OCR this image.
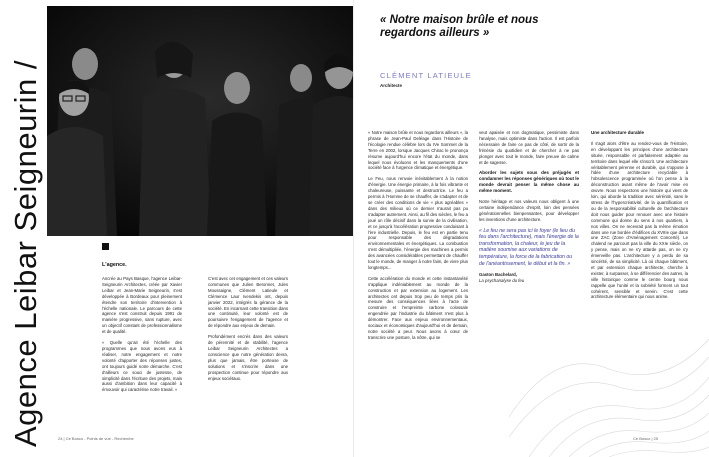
Agence Leibar Seigneurin /	L'agence.

Ancrée au Pays Basque, l'agence Leibar-Seigneurin Architectes, créée par Xavier Leibar et Jean-Marie Seigneurin, s'est développée à Bordeaux pour pleinement étendre son territoire d'intervention à l'échelle nationale. Le parcours de cette agence s'est construit depuis 1991 de manière progressive, sans rupture, avec un objectif constant de professionnalisme et de qualité.

« Quelle qu'ait été l'échelle des programmes que nous avons eus à réaliser, notre engagement et notre volonté d'apporter des réponses justes, ont toujours guidé notre démarche. C'est d'ailleurs ce souci de justesse, de simplicité dans l'écriture des projets, mais aussi d'ambition dans leur capacité à émouvoir qui caractérise notre travail. »

C'est avec cet engagement et ces valeurs communes que Julien Beronnet, Jules Moussaigne, Clément Latieule et Clémence Laur Ivendekis ont, depuis janvier 2022, intégrés la gérance de la société. En incarnant cette transition dans une continuité, leur volonté est de poursuivre l'engagement de l'agence et de répondre aux enjeux de demain.

Profondément encrés dans des valeurs de pérennité et de stabilité, l'agence Leibar Seigneurin Architectes a conscience que notre génération devra, plus que jamais, être porteuse de solutions et s'inscrire dans une prospection continue pour répondre aux enjeux sociétaux.

24 | Ce Bosco - Points de vue - Recherche
« Notre maison brûle et nous regardons ailleurs »
CLÉMENT LATIEULE
Architecte

« Notre maison brûle et nous regardons ailleurs », la phrase de Jean-Paul Deléage dans l'Histoire de l'écologie rendue célèbre lors du IVe Sommet de la Terre en 2002, lorsque Jacques Chirac le prononça résume aujourd'hui encore l'état du monde, dans lequel nous évoluons et les manquements d'une société face à l'urgence climatique et énergétique.

Le Feu, nous renvoie inévitablement à la notion d'énergie. Une énergie primaire, à la fois vibrante et chaleureuse, puissante et destructrice. Le feu a permis à l'Homme de se chauffer, de s'adapter et de se créer des conditions de vie « plus agréables » dans des milieux où ce dernier n'aurait pas pu s'adapter autrement. Ainsi, au fil des siècles, le feu a joué un rôle décisif dans la survie de la civilisation, et ce jusqu'à l'accélération progressive conduisant à l'ère industrielle. Depuis, le feu est en partie tenu pour responsable des dégradations environnementales et énergétiques. La combustion s'est démultipliée, l'énergie des machines a permis des avancées considérables permettant de chauffer tout le monde, de manger à notre faim, de vivre plus longtemps...

Cette accélération du monde et cette instantanéité s'applique indéniablement au monde de la construction et par extension au logement. Les architectes ont depuis trop peu de temps pris la mesure des conséquences liées à l'acte de construire et l'empreinte carbone colossale engendrée par l'industrie du bâtiment n'est plus à démontrer. Face aux enjeux environnementaux, sociaux et économiques d'aujourd'hui et de demain, notre société a peur. Nous avons à cœur de transcrire une posture, la nôtre, qui se

veut apaisée et non dogmatique, pessimiste dans l'analyse, mais optimiste dans l'action. Il est parfois nécessaire de faire ce pas de côté, de sortir de la frénésie du quotidien et de chercher à ne pas plonger avec tout le monde, faire preuve de calme et de sagesse.

Aborder les sujets sous des préjugés et condamner les réponses génériques où tout le monde devrait penser la même chose au même moment.

Notre héritage et nos valeurs nous obligent à une certaine indépendance d'esprit, loin des pensées générationnelles bienpensantes, pour développer les inventions d'une architecture.

« Le feu ne sera pas ici le foyer (le lieu du feu dans l'architecture), mais l'énergie de la transformation, la chaleur, le jeu de la matière soumise aux variations de température, la force de la fabrication ou de l'anéantissement, le début et la fin. »

Gaston Bachelard,
La psychanalyse du feu

Une architecture durable

Il s'agit alors d'être au rendez-vous de l'Histoire, en développant les principes d'une architecture située, responsable et parfaitement adaptée au territoire dans lequel elle s'inscrit. Une architecture véritablement pérenne et durable, qui s'oppose à l'idée d'une architecture recyclable à l'obsolescence programmée où l'on pense à la déconstruction avant même de l'avoir mise en œuvre. Nous respectons une histoire qui vient de loin, qui aborde la tradition avec sérénité, sans le stress de l'hypercréativité, de la quantification et ou de la responsabilité culturelle de l'architecture doit nous guider pour renouer avec une histoire commune qui donne du sens à nos quartiers, à nos villes. On ne recevrait pas la même émotion dans une rue bordée d'édifices du XVIIIe que dans une ZAC (Zone d'Aménagement Concerté). Le chalend ne parcourt pas la ville du XXIe siècle, on y pense, mais on ne s'y attarde pas, on ne s'y émerveille pas. L'architecture y a perdu de sa sincérité, de sa simplicité. Là où chaque bâtiment, et par extension chaque architecte, cherche à exister, à surpasser, à se différencier des autres, la ville historique comme le centre bourg nous rappelle que l'unité et la sobriété forment un tout cohérent, sensible et serein. C'est cette architecture élémentaire qui nous anime.

Ce Bosco | 25
